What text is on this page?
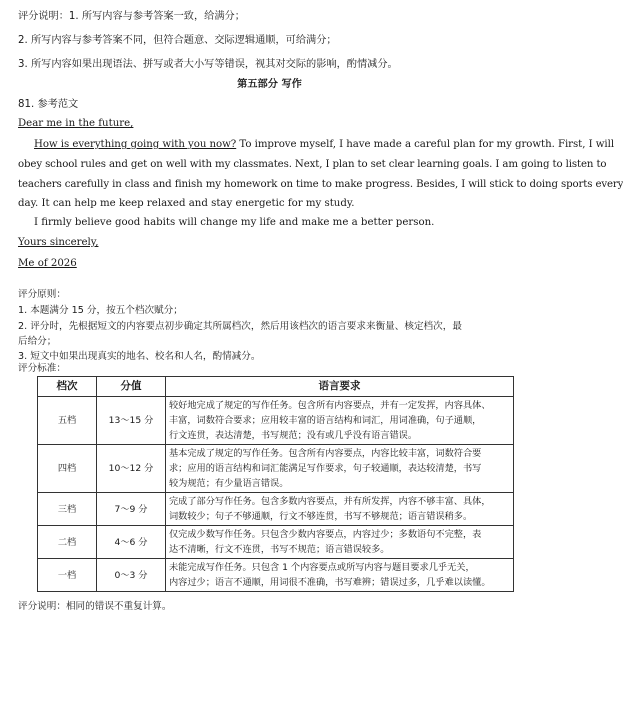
评分说明：1. 所写内容与参考答案一致，给满分；
2. 所写内容与参考答案不同，但符合题意、交际逻辑通顺，可给满分；
3. 所写内容如果出现语法、拼写或者大小写等错误，视其对交际的影响，酌情减分。
第五部分 写作
81. 参考范文
Dear me in the future,
How is everything going with you now? To improve myself, I have made a careful plan for my growth. First, I will
obey school rules and get on well with my classmates. Next, I plan to set clear learning goals. I am going to listen to
teachers carefully in class and finish my homework on time to make progress. Besides, I will stick to doing sports every
day. It can help me keep relaxed and stay energetic for my study.
I firmly believe good habits will change my life and make me a better person.
Yours sincerely,
Me of 2026
评分原则：
1. 本题满分 15 分，按五个档次赋分；
2. 评分时，先根据短文的内容要点初步确定其所属档次，然后用该档次的语言要求来衡量、核定档次，最
后给分；
3. 短文中如果出现真实的地名、校名和人名，酌情减分。
评分标准：
档次	分值	语言要求
五档	13～15 分	较好地完成了规定的写作任务。包含所有内容要点，并有一定发挥，内容具体、
丰富，词数符合要求；应用较丰富的语言结构和词汇，用词准确，句子通顺，
行文连贯，表达清楚，书写规范；没有或几乎没有语言错误。

四档	10～12 分	基本完成了规定的写作任务。包含所有内容要点，内容比较丰富，词数符合要
求；应用的语言结构和词汇能满足写作要求，句子较通顺，表达较清楚，书写
较为规范；有少量语言错误。

三档	7～9 分	完成了部分写作任务。包含多数内容要点，并有所发挥，内容不够丰富、具体，
词数较少；句子不够通顺，行文不够连贯，书写不够规范；语言错误稍多。

二档	4～6 分	仅完成少数写作任务。只包含少数内容要点，内容过少；多数语句不完整，表
达不清晰，行文不连贯，书写不规范；语言错误较多。

一档	0～3 分	未能完成写作任务。只包含 1 个内容要点或所写内容与题目要求几乎无关，
内容过少；语言不通顺，用词很不准确，书写难辨；错误过多，几乎难以读懂。
评分说明：相同的错误不重复计算。
